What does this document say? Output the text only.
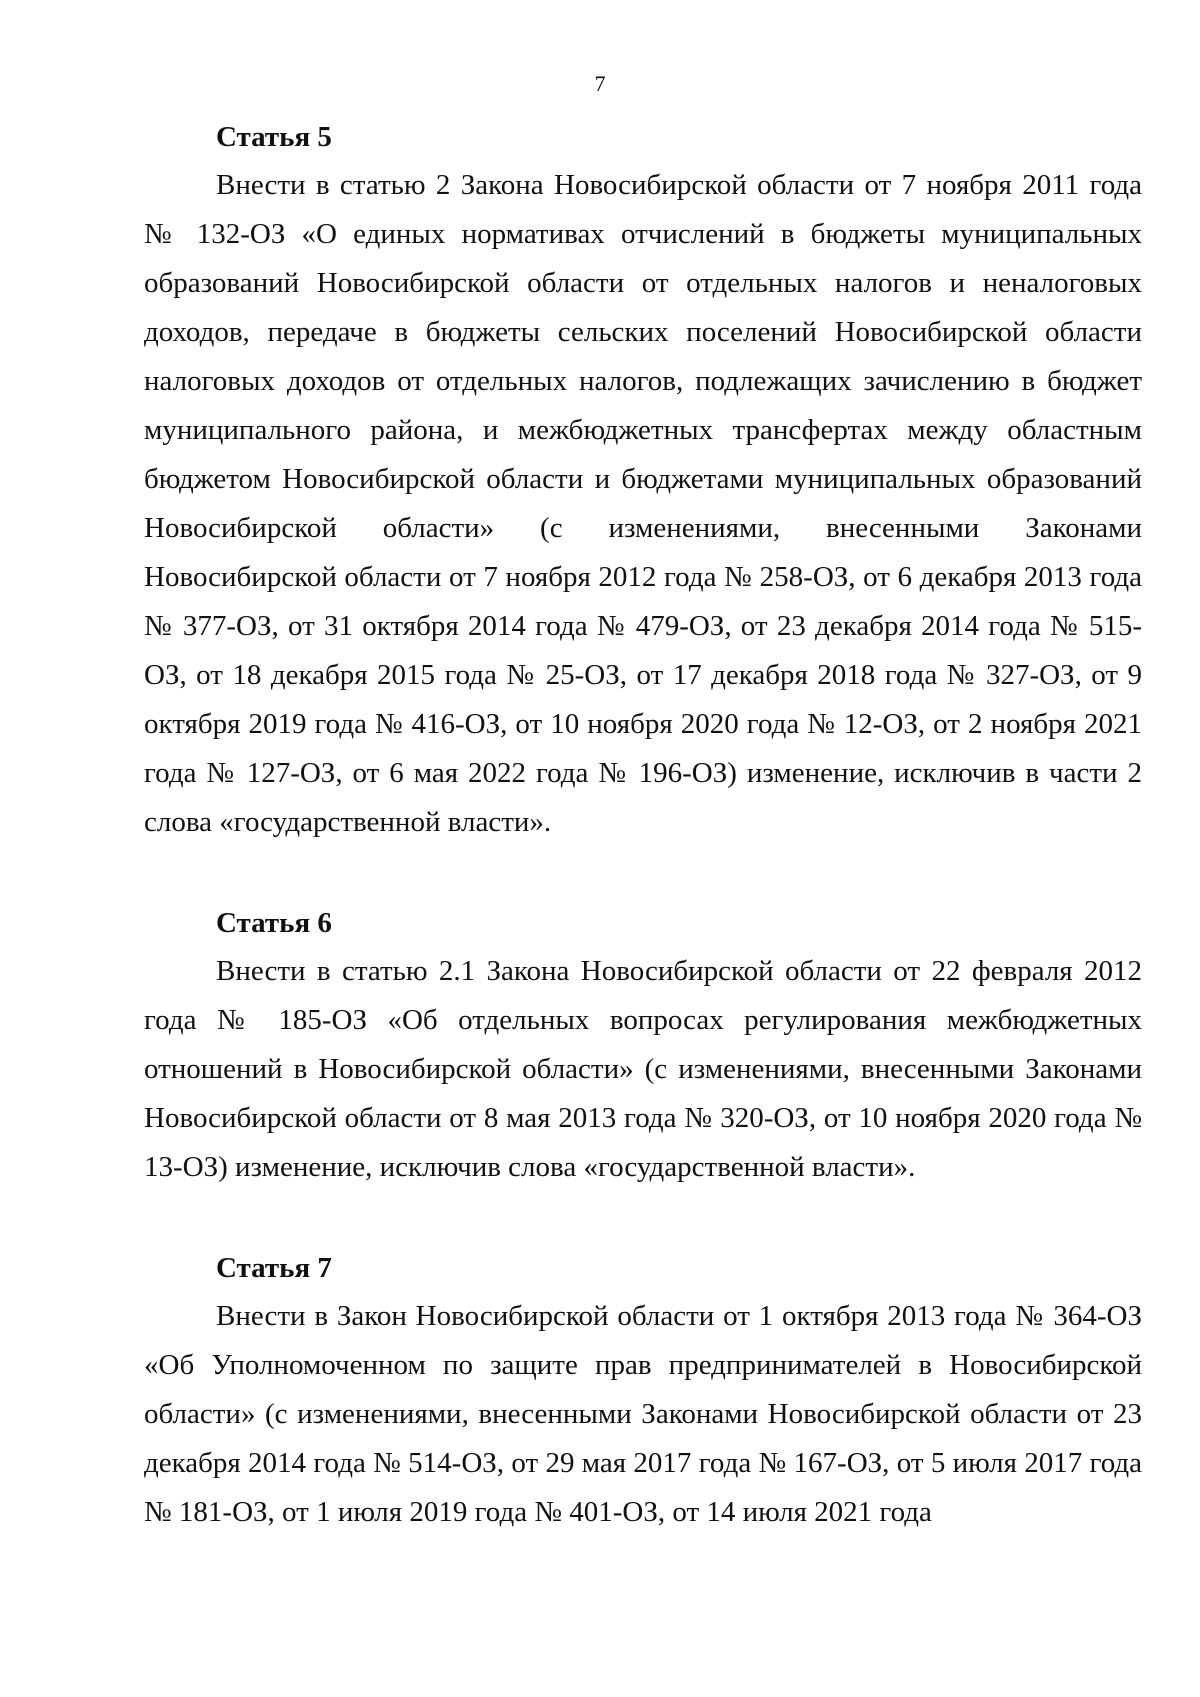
7
Статья 5

Внести в статью 2 Закона Новосибирской области от 7 ноября 2011 года № 132-ОЗ «О единых нормативах отчислений в бюджеты муниципальных образований Новосибирской области от отдельных налогов и неналоговых доходов, передаче в бюджеты сельских поселений Новосибирской области налоговых доходов от отдельных налогов, подлежащих зачислению в бюджет муниципального района, и межбюджетных трансфертах между областным бюджетом Новосибирской области и бюджетами муниципальных образований Новосибирской области» (с изменениями, внесенными Законами Новосибирской области от 7 ноября 2012 года № 258-ОЗ, от 6 декабря 2013 года № 377-ОЗ, от 31 октября 2014 года № 479-ОЗ, от 23 декабря 2014 года № 515-ОЗ, от 18 декабря 2015 года № 25-ОЗ, от 17 декабря 2018 года № 327-ОЗ, от 9 октября 2019 года № 416-ОЗ, от 10 ноября 2020 года № 12-ОЗ, от 2 ноября 2021 года № 127-ОЗ, от 6 мая 2022 года № 196-ОЗ) изменение, исключив в части 2 слова «государственной власти».

Статья 6

Внести в статью 2.1 Закона Новосибирской области от 22 февраля 2012 года № 185-ОЗ «Об отдельных вопросах регулирования межбюджетных отношений в Новосибирской области» (с изменениями, внесенными Законами Новосибирской области от 8 мая 2013 года № 320-ОЗ, от 10 ноября 2020 года № 13-ОЗ) изменение, исключив слова «государственной власти».

Статья 7

Внести в Закон Новосибирской области от 1 октября 2013 года № 364-ОЗ «Об Уполномоченном по защите прав предпринимателей в Новосибирской области» (с изменениями, внесенными Законами Новосибирской области от 23 декабря 2014 года № 514-ОЗ, от 29 мая 2017 года № 167-ОЗ, от 5 июля 2017 года № 181-ОЗ, от 1 июля 2019 года № 401-ОЗ, от 14 июля 2021 года
